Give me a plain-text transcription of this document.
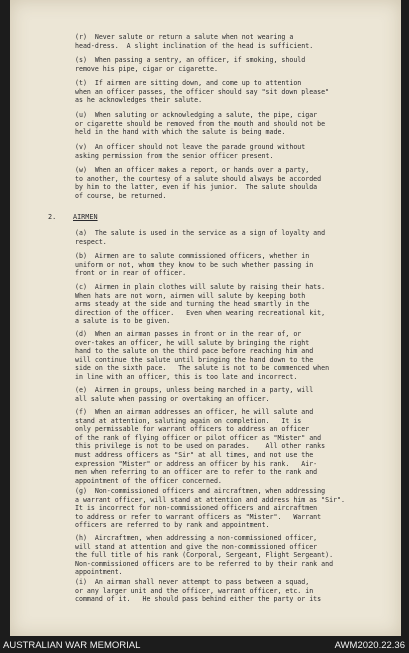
2. AIRMEN
(r)  Never salute or return a salute when not wearing a
head-dress.  A slight inclination of the head is sufficient.
(s)  When passing a sentry, an officer, if smoking, should
remove his pipe, cigar or cigarette.
(t)  If airmen are sitting down, and come up to attention
when an officer passes, the officer should say "sit down please"
as he acknowledges their salute.
(u)  When saluting or acknowledging a salute, the pipe, cigar
or cigarette should be removed from the mouth and should not be
held in the hand with which the salute is being made.
(v)  An officer should not leave the parade ground without
asking permission from the senior officer present.
(w)  When an officer makes a report, or hands over a party,
to another, the courtesy of a salute should always be accorded
by him to the latter, even if his junior.  The salute shoulda
of course, be returned.
(a)  The salute is used in the service as a sign of loyalty and
respect.
(b)  Airmen are to salute commissioned officers, whether in
uniform or not, whom they know to be such whether passing in
front or in rear of officer.
(c)  Airmen in plain clothes will salute by raising their hats.
When hats are not worn, airmen will salute by keeping both
arms steady at the side and turning the head smartly in the
direction of the officer.   Even when wearing recreational kit,
a salute is to be given.
(d)  When an airman passes in front or in the rear of, or
over-takes an officer, he will salute by bringing the right
hand to the salute on the third pace before reaching him and
will continue the salute until bringing the hand down to the
side on the sixth pace.   The salute is not to be commenced when
in line with an officer, this is too late and incorrect.
(e)  Airmen in groups, unless being marched in a party, will
all salute when passing or overtaking an officer.
(f)  When an airman addresses an officer, he will salute and
stand at attention, saluting again on completion.   It is
only permissable for warrant officers to address an officer
of the rank of flying officer or pilot officer as "Mister" and
this privilege is not to be used on parades.    All other ranks
must address officers as "Sir" at all times, and not use the
expression "Mister" or address an officer by his rank.   Air-
men when referring to an officer are to refer to the rank and
appointment of the officer concerned.
(g)  Non-commissioned officers and aircraftmen, when addressing
a warrant officer, will stand at attention and address him as "Sir".
It is incorrect for non-commissioned officers and aircraftmen
to address or refer to warrant officers as "Mister".   Warrant
officers are referred to by rank and appointment.
(h)  Aircraftmen, when addressing a non-commissioned officer,
will stand at attention and give the non-commissioned officer
the full title of his rank (Corporal, Sergeant, Flight Sergeant).
Non-commissioned officers are to be referred to by their rank and
appointment.
(i)  An airman shall never attempt to pass between a squad,
or any larger unit and the officer, warrant officer, etc. in
command of it.   He should pass behind either the party or its
AUSTRALIAN WAR MEMORIAL	AWM2020.22.36
